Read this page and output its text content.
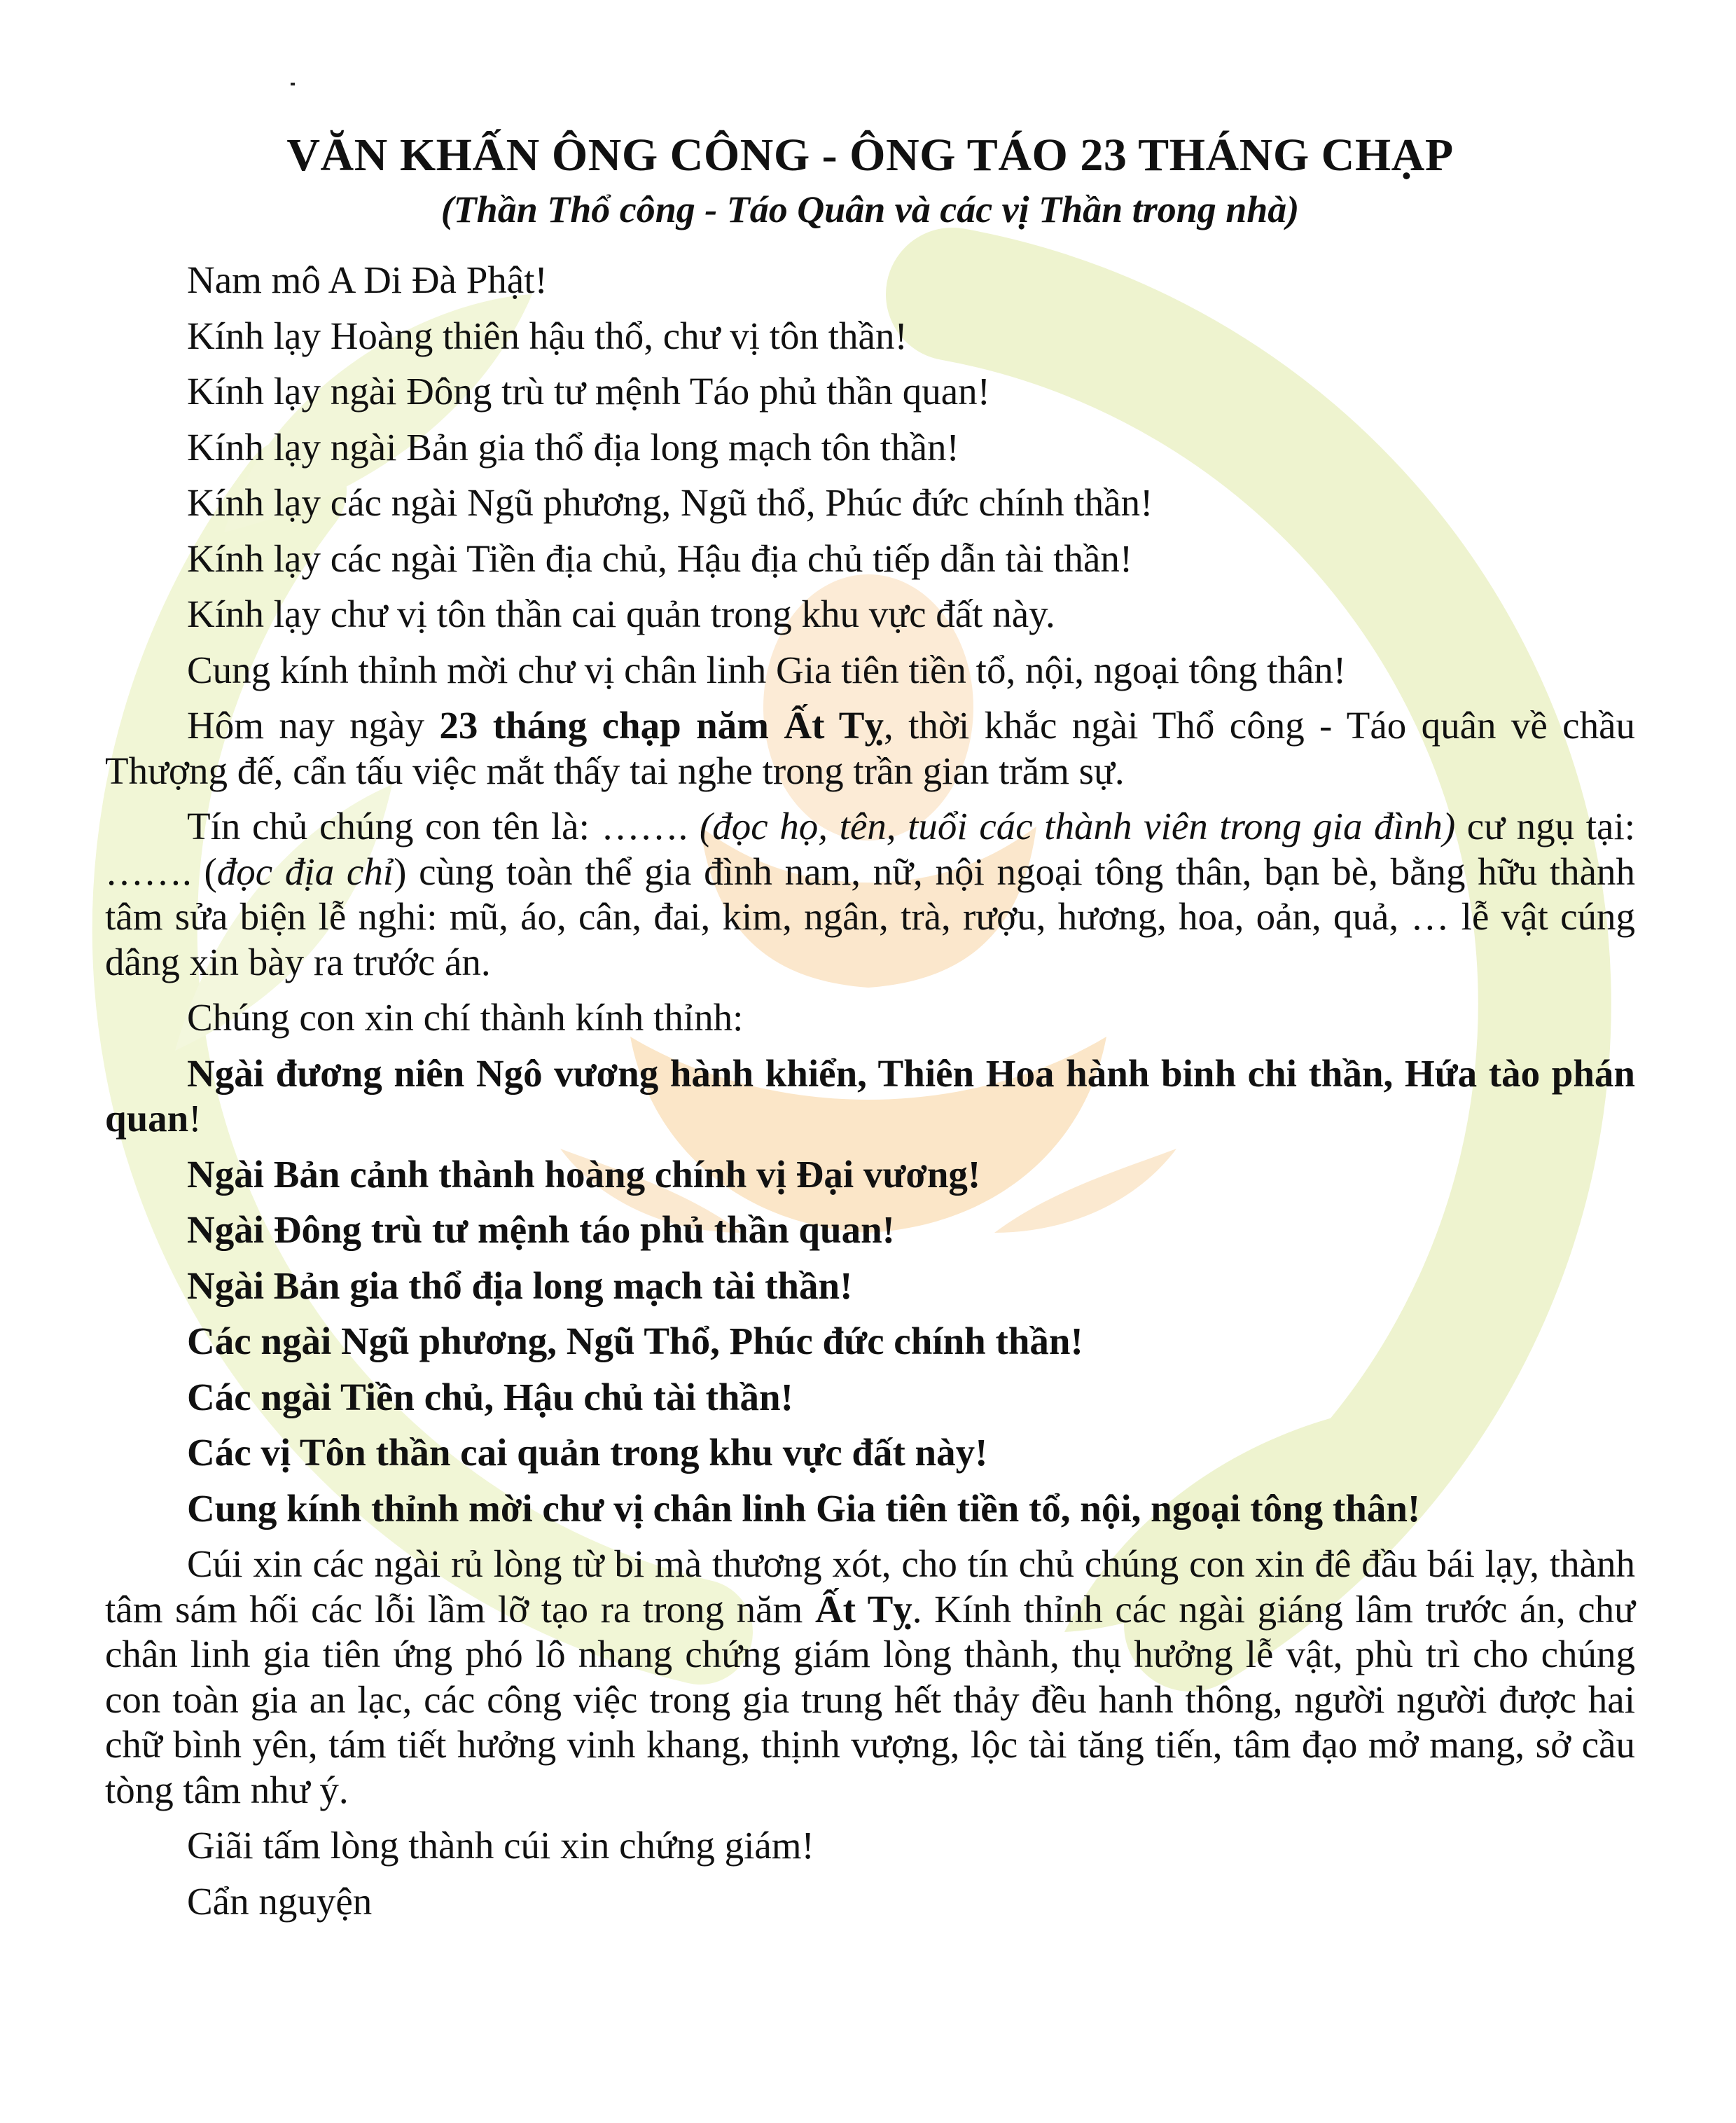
VĂN KHẤN ÔNG CÔNG - ÔNG TÁO 23 THÁNG CHẠP
(Thần Thổ công - Táo Quân và các vị Thần trong nhà)
Nam mô A Di Đà Phật!
Kính lạy Hoàng thiên hậu thổ, chư vị tôn thần!
Kính lạy ngài Đông trù tư mệnh Táo phủ thần quan!
Kính lạy ngài Bản gia thổ địa long mạch tôn thần!
Kính lạy các ngài Ngũ phương, Ngũ thổ, Phúc đức chính thần!
Kính lạy các ngài Tiền địa chủ, Hậu địa chủ tiếp dẫn tài thần!
Kính lạy chư vị tôn thần cai quản trong khu vực đất này.
Cung kính thỉnh mời chư vị chân linh Gia tiên tiền tổ, nội, ngoại tông thân!

Hôm nay ngày 23 tháng chạp năm Ất Tỵ, thời khắc ngài Thổ công - Táo quân về chầu Thượng đế, cẩn tấu việc mắt thấy tai nghe trong trần gian trăm sự.

Tín chủ chúng con tên là: ……. (đọc họ, tên, tuổi các thành viên trong gia đình) cư ngụ tại: ……. (đọc địa chỉ) cùng toàn thể gia đình nam, nữ, nội ngoại tông thân, bạn bè, bằng hữu thành tâm sửa biện lễ nghi: mũ, áo, cân, đai, kim, ngân, trà, rượu, hương, hoa, oản, quả, … lễ vật cúng dâng xin bày ra trước án.

Chúng con xin chí thành kính thỉnh:

Ngài đương niên Ngô vương hành khiển, Thiên Hoa hành binh chi thần, Hứa tào phán quan!

Ngài Bản cảnh thành hoàng chính vị Đại vương!
Ngài Đông trù tư mệnh táo phủ thần quan!
Ngài Bản gia thổ địa long mạch tài thần!
Các ngài Ngũ phương, Ngũ Thổ, Phúc đức chính thần!
Các ngài Tiền chủ, Hậu chủ tài thần!
Các vị Tôn thần cai quản trong khu vực đất này!
Cung kính thỉnh mời chư vị chân linh Gia tiên tiền tổ, nội, ngoại tông thân!

Cúi xin các ngài rủ lòng từ bi mà thương xót, cho tín chủ chúng con xin đê đầu bái lạy, thành tâm sám hối các lỗi lầm lỡ tạo ra trong năm Ất Tỵ. Kính thỉnh các ngài giáng lâm trước án, chư chân linh gia tiên ứng phó lô nhang chứng giám lòng thành, thụ hưởng lễ vật, phù trì cho chúng con toàn gia an lạc, các công việc trong gia trung hết thảy đều hanh thông, người người được hai chữ bình yên, tám tiết hưởng vinh khang, thịnh vượng, lộc tài tăng tiến, tâm đạo mở mang, sở cầu tòng tâm như ý.

Giãi tấm lòng thành cúi xin chứng giám!
Cẩn nguyện
